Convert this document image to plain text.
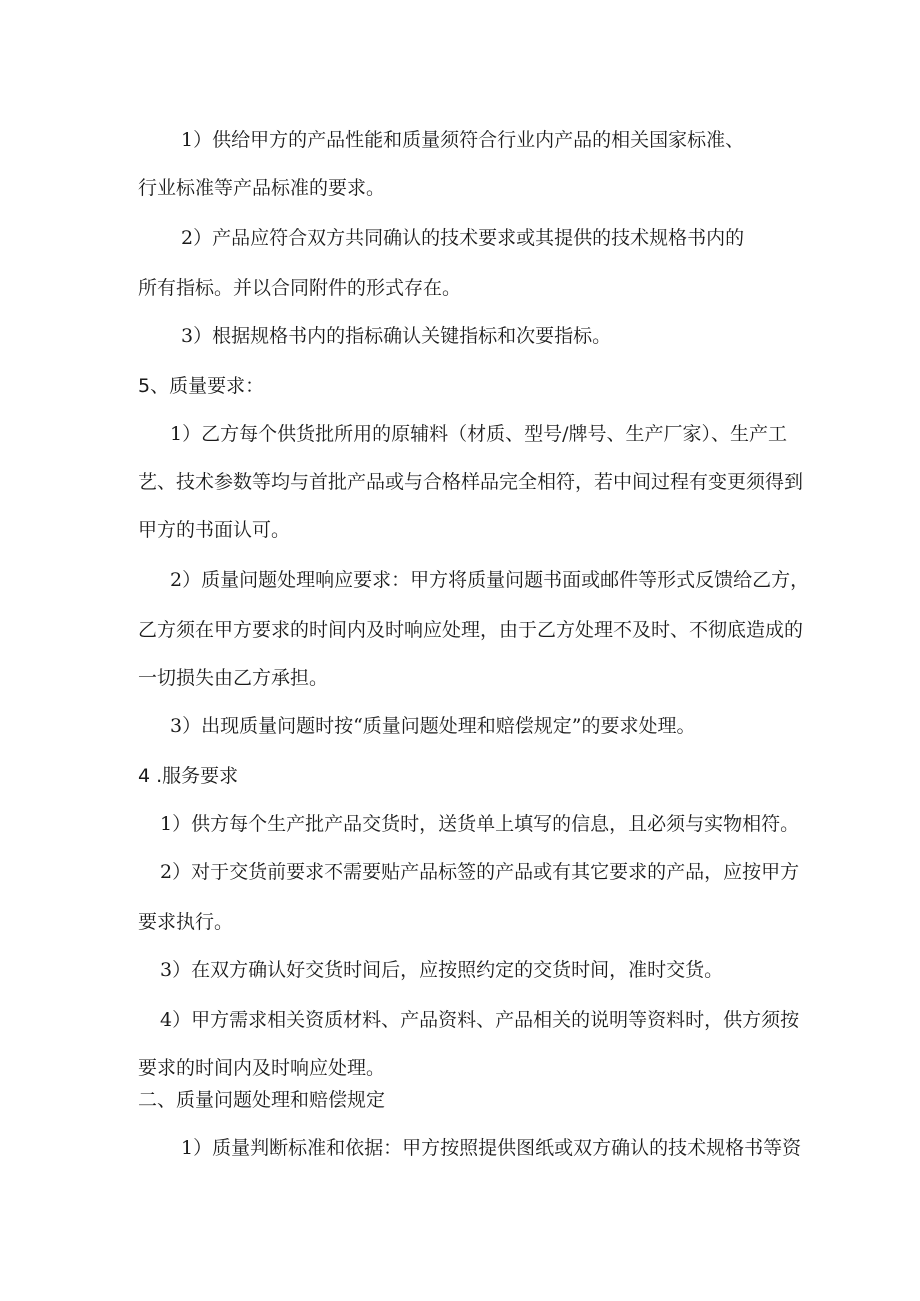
1）供给甲方的产品性能和质量须符合行业内产品的相关国家标准、
行业标准等产品标准的要求。
2）产品应符合双方共同确认的技术要求或其提供的技术规格书内的
所有指标。并以合同附件的形式存在。
3）根据规格书内的指标确认关键指标和次要指标。
5、质量要求：
1）乙方每个供货批所用的原辅料（材质、型号/牌号、生产厂家）、生产工
艺、技术参数等均与首批产品或与合格样品完全相符，若中间过程有变更须得到
甲方的书面认可。
2）质量问题处理响应要求：甲方将质量问题书面或邮件等形式反馈给乙方，
乙方须在甲方要求的时间内及时响应处理，由于乙方处理不及时、不彻底造成的
一切损失由乙方承担。
3）出现质量问题时按“质量问题处理和赔偿规定”的要求处理。
4 .服务要求
1）供方每个生产批产品交货时，送货单上填写的信息，且必须与实物相符。
2）对于交货前要求不需要贴产品标签的产品或有其它要求的产品，应按甲方
要求执行。
3）在双方确认好交货时间后，应按照约定的交货时间，准时交货。
4）甲方需求相关资质材料、产品资料、产品相关的说明等资料时，供方须按
要求的时间内及时响应处理。
二、质量问题处理和赔偿规定
1）质量判断标准和依据：甲方按照提供图纸或双方确认的技术规格书等资
